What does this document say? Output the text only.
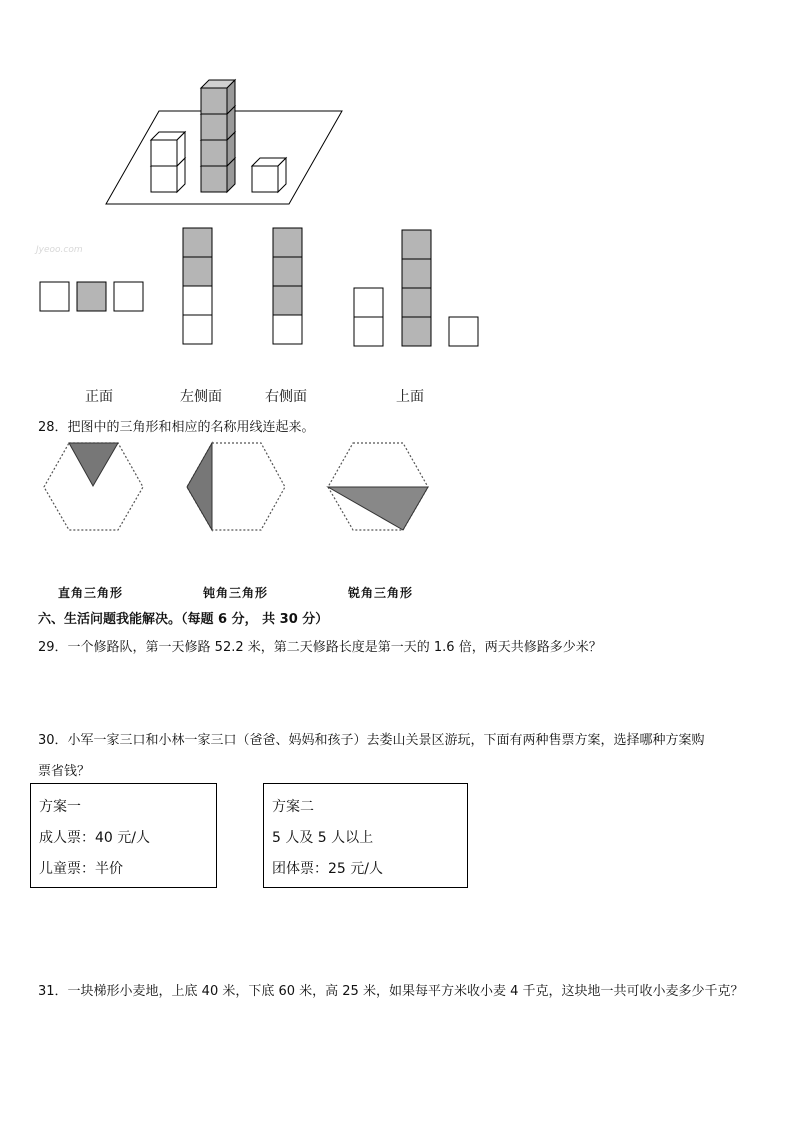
Jyeoo.com
正面	左侧面	右侧面	上面
28．把图中的三角形和相应的名称用线连起来。
直角三角形	钝角三角形	锐角三角形
六、生活问题我能解决。（每题 6 分， 共 30 分）
29．一个修路队，第一天修路 52.2 米，第二天修路长度是第一天的 1.6 倍，两天共修路多少米？
30．小军一家三口和小林一家三口（爸爸、妈妈和孩子）去娄山关景区游玩，下面有两种售票方案，选择哪种方案购
票省钱？
方案一
成人票：40 元/人
儿童票：半价
方案二
5 人及 5 人以上
团体票：25 元/人
31．一块梯形小麦地，上底 40 米，下底 60 米，高 25 米，如果每平方米收小麦 4 千克，这块地一共可收小麦多少千克？
